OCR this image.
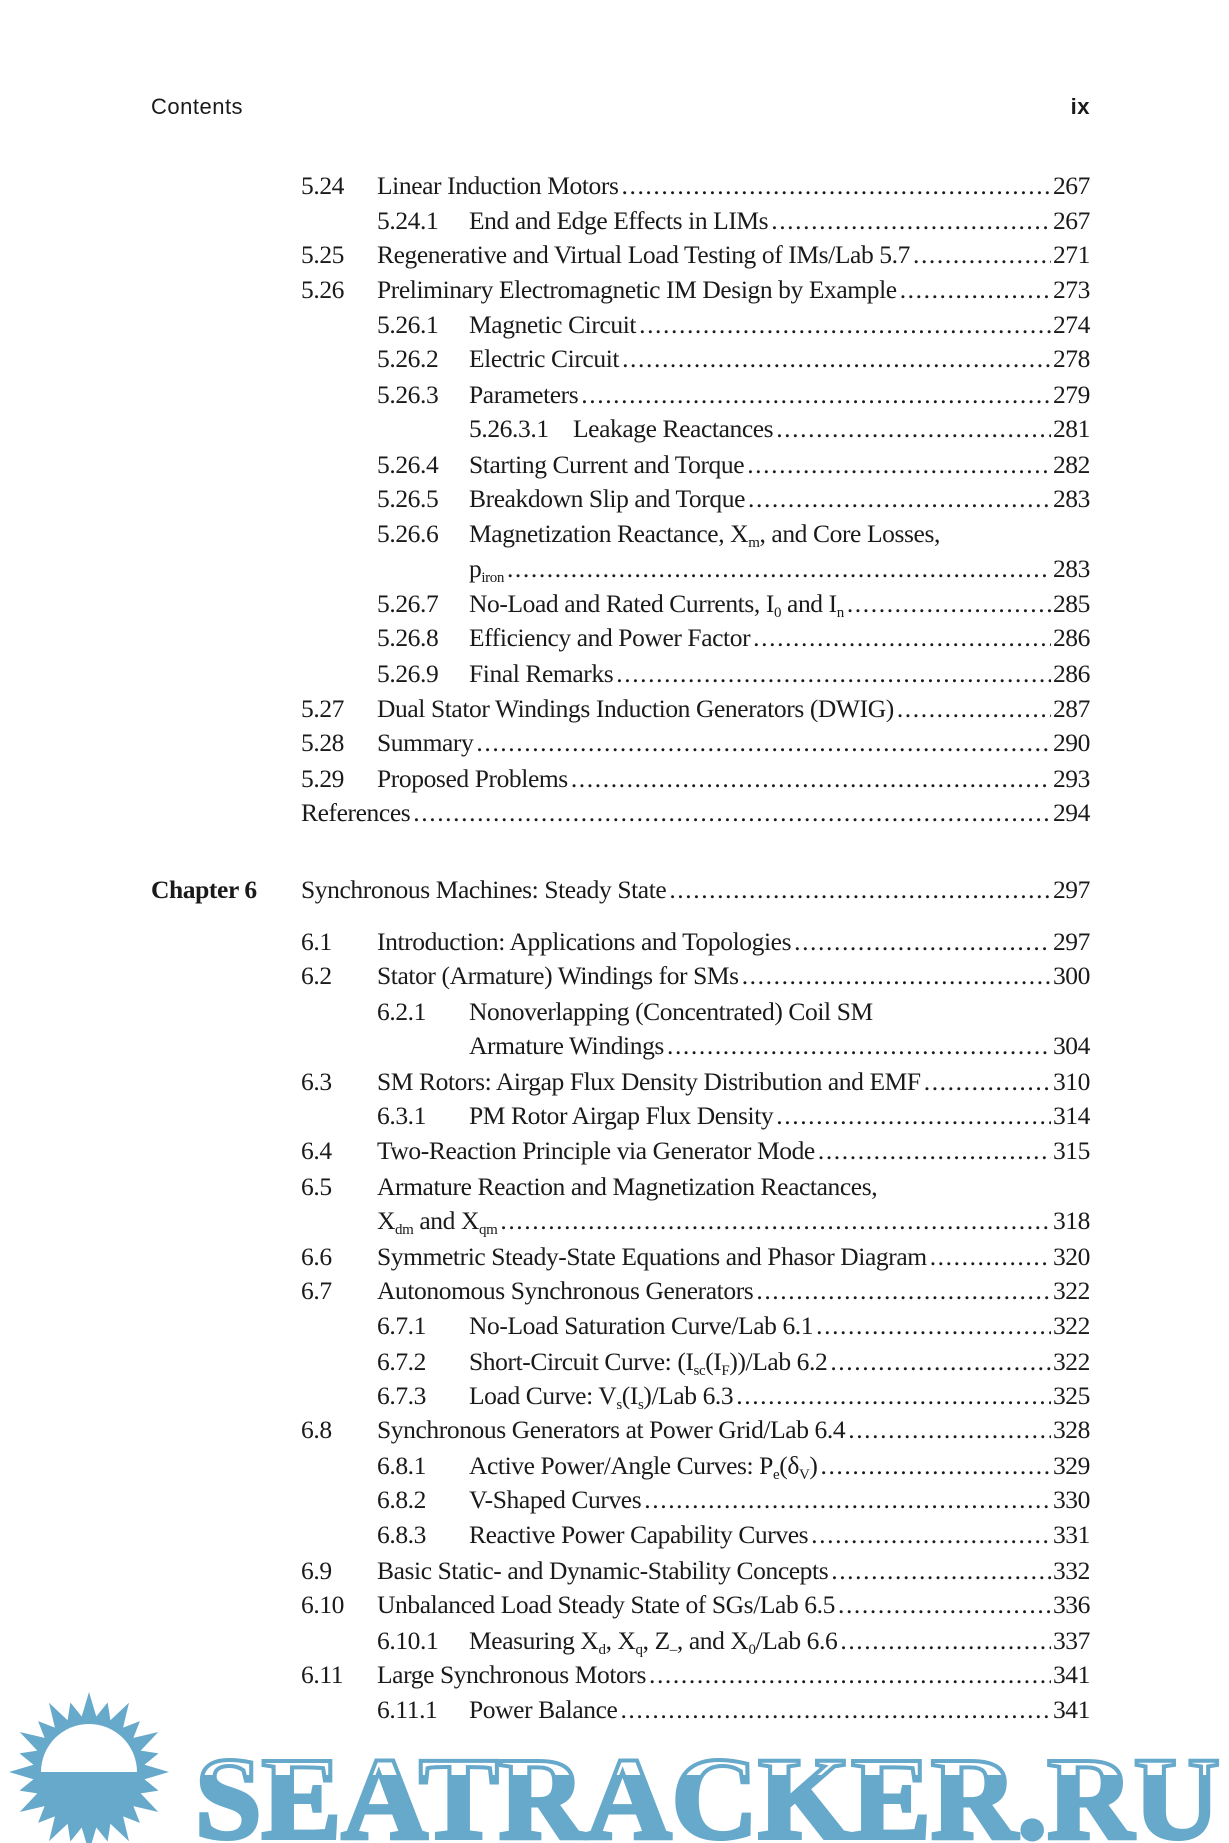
Contents	ix
5.24 Linear Induction Motors .....	267
5.24.1 End and Edge Effects in LIMs .....	267
5.25 Regenerative and Virtual Load Testing of IMs/Lab 5.7 .....	271
5.26 Preliminary Electromagnetic IM Design by Example .....	273
5.26.1 Magnetic Circuit .....	274
5.26.2 Electric Circuit .....	278
5.26.3 Parameters .....	279
5.26.3.1 Leakage Reactances .....	281
5.26.4 Starting Current and Torque .....	282
5.26.5 Breakdown Slip and Torque .....	283
5.26.6 Magnetization Reactance, $X_m$, and Core Losses,
$p_{iron}$ .....	283
5.26.7 No-Load and Rated Currents, $I_0$ and $I_n$ .....	285
5.26.8 Efficiency and Power Factor .....	286
5.26.9 Final Remarks .....	286
5.27 Dual Stator Windings Induction Generators (DWIG) .....	287
5.28 Summary .....	290
5.29 Proposed Problems .....	293
References .....	294
Chapter 6 Synchronous Machines: Steady State .....	297
6.1 Introduction: Applications and Topologies .....	297
6.2 Stator (Armature) Windings for SMs .....	300
6.2.1 Nonoverlapping (Concentrated) Coil SM
Armature Windings .....	304
6.3 SM Rotors: Airgap Flux Density Distribution and EMF .....	310
6.3.1 PM Rotor Airgap Flux Density .....	314
6.4 Two-Reaction Principle via Generator Mode .....	315
6.5 Armature Reaction and Magnetization Reactances,
$X_{dm}$ and $X_{qm}$ .....	318
6.6 Symmetric Steady-State Equations and Phasor Diagram .....	320
6.7 Autonomous Synchronous Generators .....	322
6.7.1 No-Load Saturation Curve/Lab 6.1 .....	322
6.7.2 Short-Circuit Curve: $(I_{sc}(I_F))$/Lab 6.2 .....	322
6.7.3 Load Curve: $V_s(I_s)$/Lab 6.3 .....	325
6.8 Synchronous Generators at Power Grid/Lab 6.4 .....	328
6.8.1 Active Power/Angle Curves: $P_e(\delta_V)$ .....	329
6.8.2 V-Shaped Curves .....	330
6.8.3 Reactive Power Capability Curves .....	331
6.9 Basic Static- and Dynamic-Stability Concepts .....	332
6.10 Unbalanced Load Steady State of SGs/Lab 6.5 .....	336
6.10.1 Measuring $X_d$, $X_q$, $Z_-$, and $X_0$/Lab 6.6 .....	337
6.11 Large Synchronous Motors .....	341
6.11.1 Power Balance .....	341
SEATRACKER.RU
